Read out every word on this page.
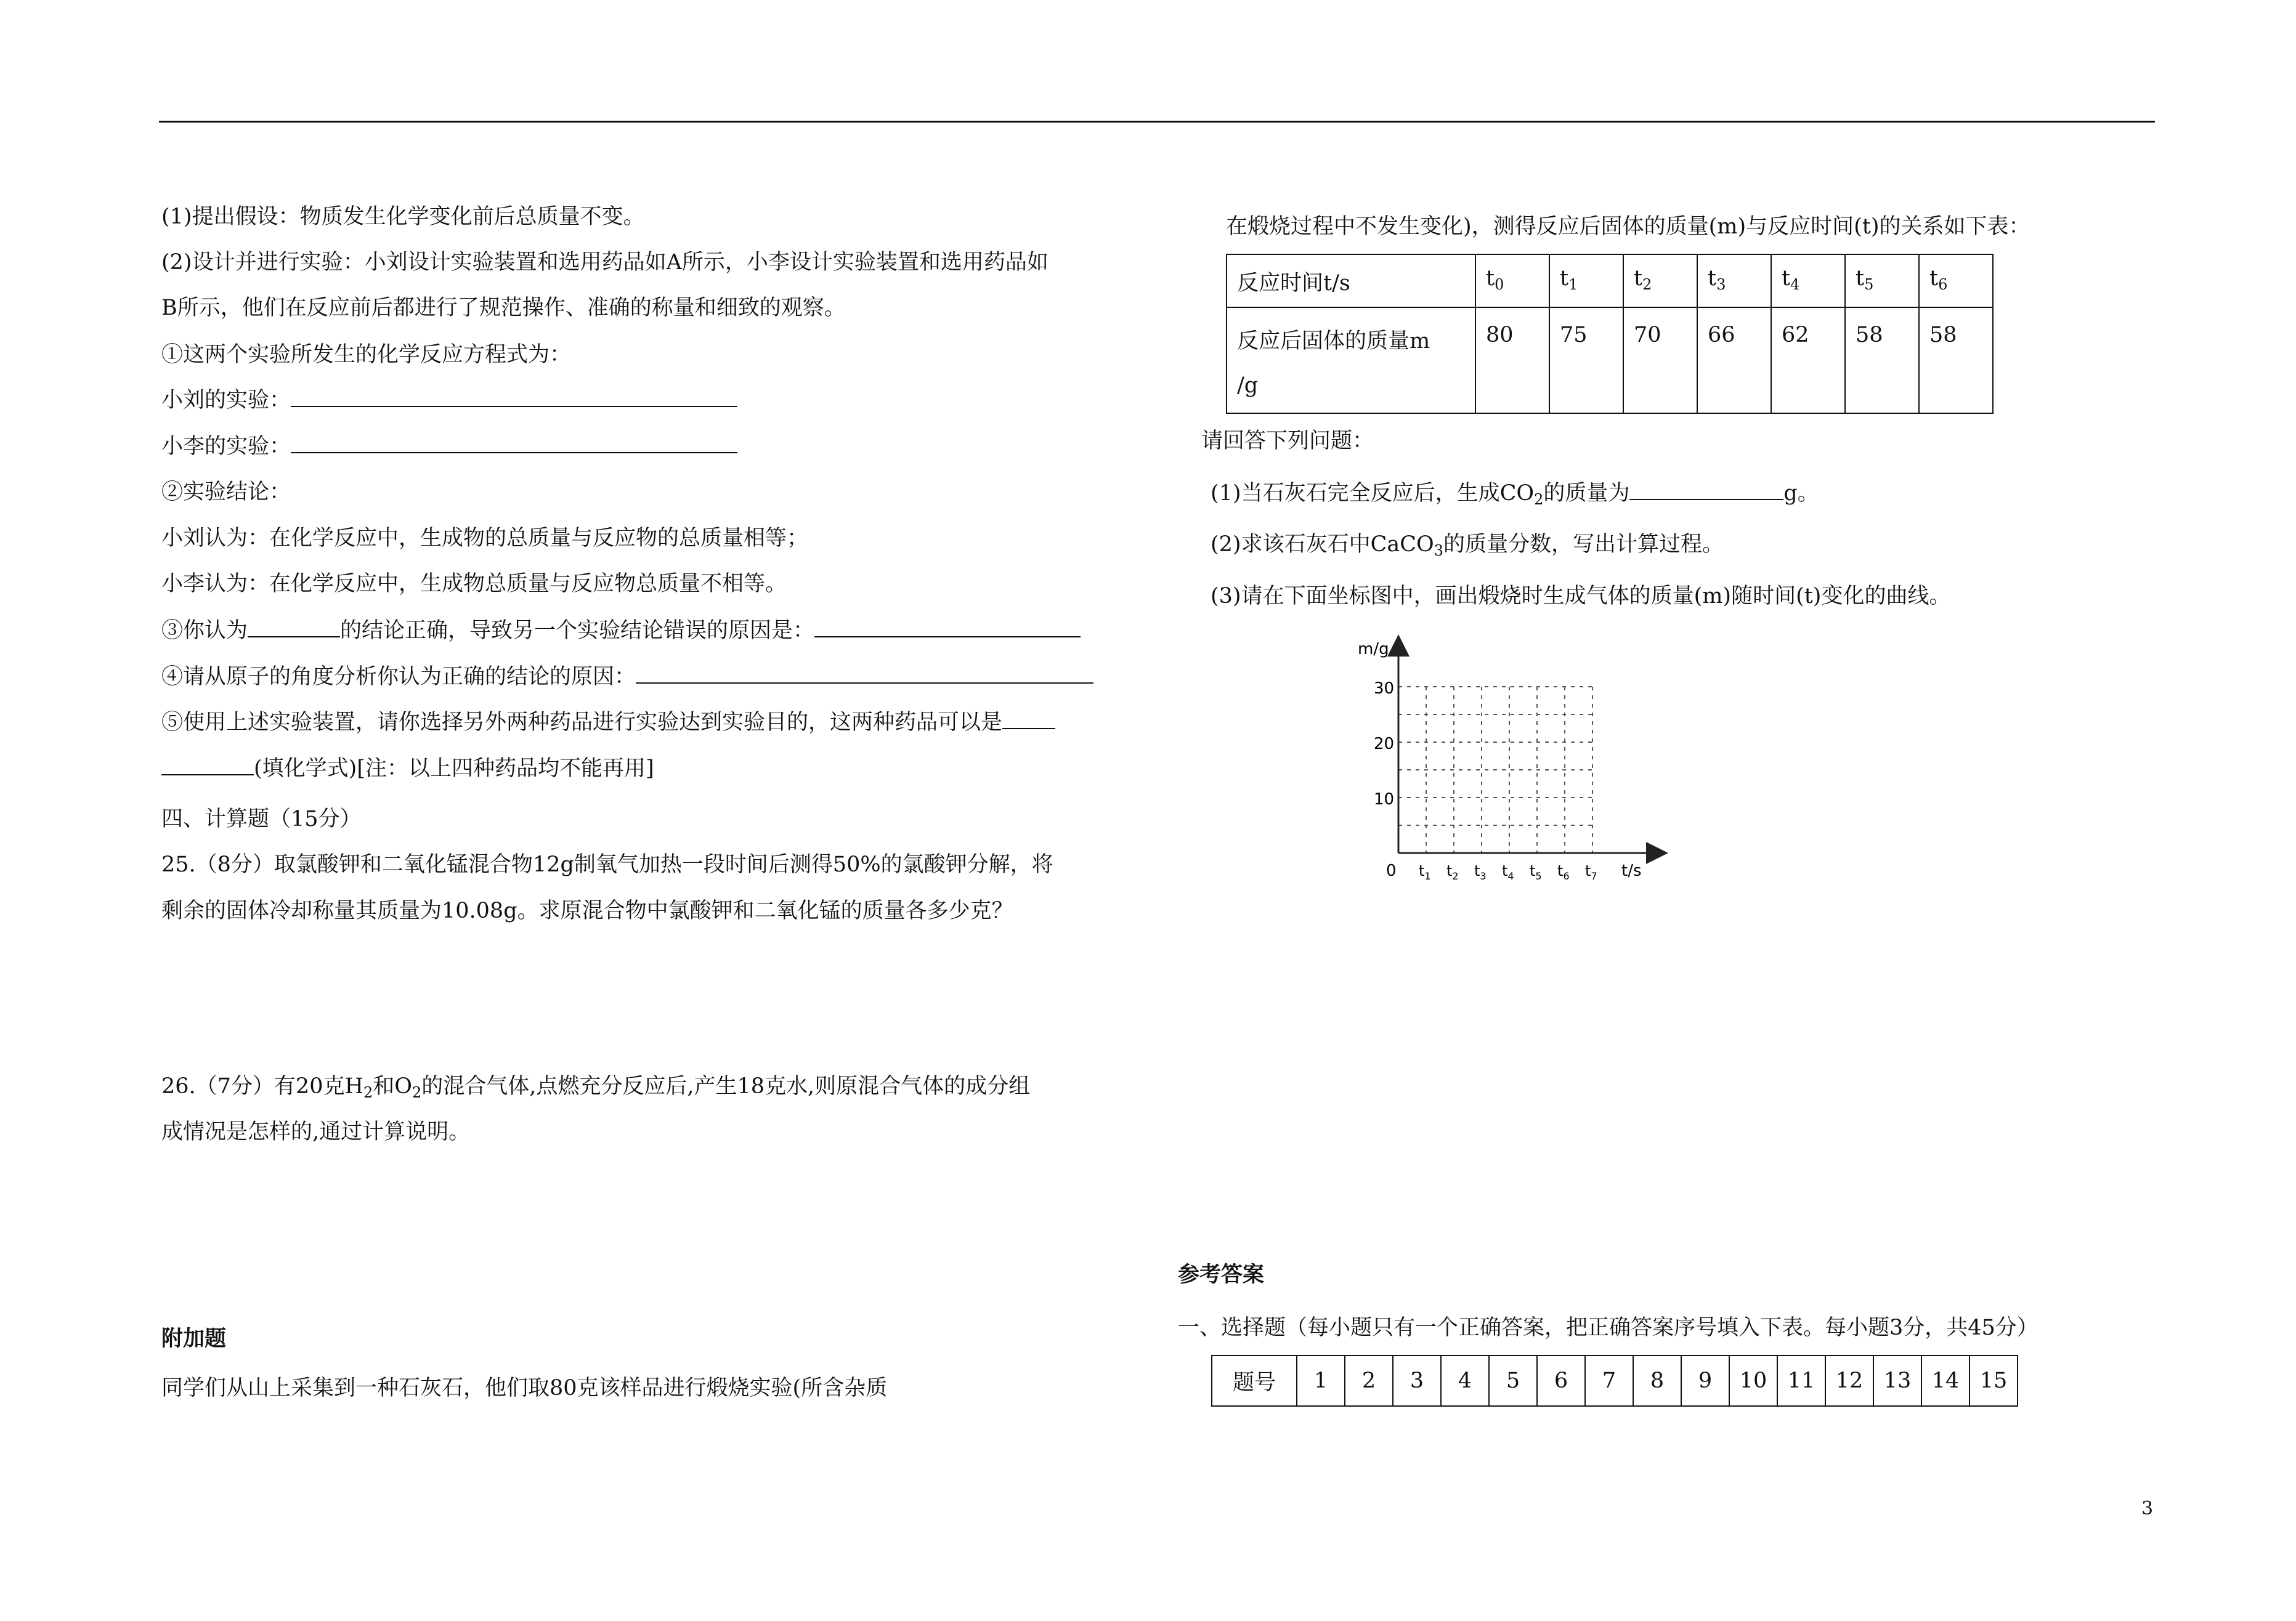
(1)提出假设：物质发生化学变化前后总质量不变。
(2)设计并进行实验：小刘设计实验装置和选用药品如A所示，小李设计实验装置和选用药品如
B所示，他们在反应前后都进行了规范操作、准确的称量和细致的观察。
①这两个实验所发生的化学反应方程式为：
小刘的实验：
小李的实验：
②实验结论：
小刘认为：在化学反应中，生成物的总质量与反应物的总质量相等；
小李认为：在化学反应中，生成物总质量与反应物总质量不相等。
③你认为	的结论正确，导致另一个实验结论错误的原因是：
④请从原子的角度分析你认为正确的结论的原因：
⑤使用上述实验装置，请你选择另外两种药品进行实验达到实验目的，这两种药品可以是
(填化学式)[注：以上四种药品均不能再用]
四、计算题（15分）
25.（8分）取氯酸钾和二氧化锰混合物12g制氧气加热一段时间后测得50%的氯酸钾分解，将
剩余的固体冷却称量其质量为10.08g。求原混合物中氯酸钾和二氧化锰的质量各多少克？
26.（7分）有20克$H_2$和$O_2$的混合气体,点燃充分反应后,产生18克水,则原混合气体的成分组
成情况是怎样的,通过计算说明。
附加题
同学们从山上采集到一种石灰石，他们取80克该样品进行煅烧实验(所含杂质
在煅烧过程中不发生变化)，测得反应后固体的质量(m)与反应时间(t)的关系如下表：
反应时间t/s	$t_0$	$t_1$	$t_2$	$t_3$	$t_4$	$t_5$	$t_6$

反应后固体的质量m
/g	80	75	70	66	62	58	58
请回答下列问题：
(1)当石灰石完全反应后，生成$CO_2$的质量为	g。
(2)求该石灰石中CaCO$_3$的质量分数，写出计算过程。
(3)请在下面坐标图中，画出煅烧时生成气体的质量(m)随时间(t)变化的曲线。
m/g
t/s
0
30
20
10
$t_1$ $t_2$ $t_3$ $t_4$ $t_5$ $t_6$ $t_7$
参考答案
一、选择题（每小题只有一个正确答案，把正确答案序号填入下表。每小题3分，共45分）
题号	1	2	3	4	5	6	7	8	9	10	11	12	13	14	15
3
